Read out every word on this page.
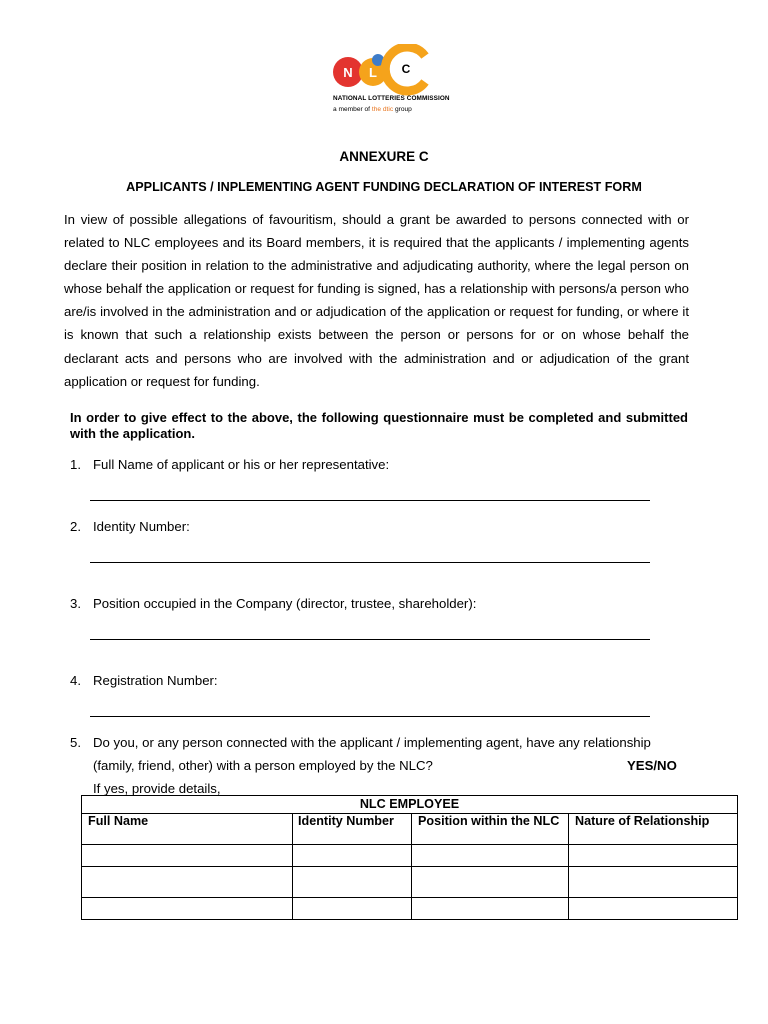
N L C
NATIONAL LOTTERIES COMMISSION
a member of the dtic group
ANNEXURE C
APPLICANTS / INPLEMENTING AGENT FUNDING DECLARATION OF INTEREST FORM

In view of possible allegations of favouritism, should a grant be awarded to persons connected with or related to NLC employees and its Board members, it is required that the applicants / implementing agents declare their position in relation to the administrative and adjudicating authority, where the legal person on whose behalf the application or request for funding is signed, has a relationship with persons/a person who are/is involved in the administration and or adjudication of the application or request for funding, or where it is known that such a relationship exists between the person or persons for or on whose behalf the declarant acts and persons who are involved with the administration and or adjudication of the grant application or request for funding.

In order to give effect to the above, the following questionnaire must be completed and submitted with the application.

1. Full Name of applicant or his or her representative:
2. Identity Number:
3. Position occupied in the Company (director, trustee, shareholder):
4. Registration Number:
5. Do you, or any person connected with the applicant / implementing agent, have any relationship
(family, friend, other) with a person employed by the NLC?	YES/NO
If yes, provide details,
NLC EMPLOYEE			
Full Name	Identity Number	Position within the NLC	Nature of Relationship
